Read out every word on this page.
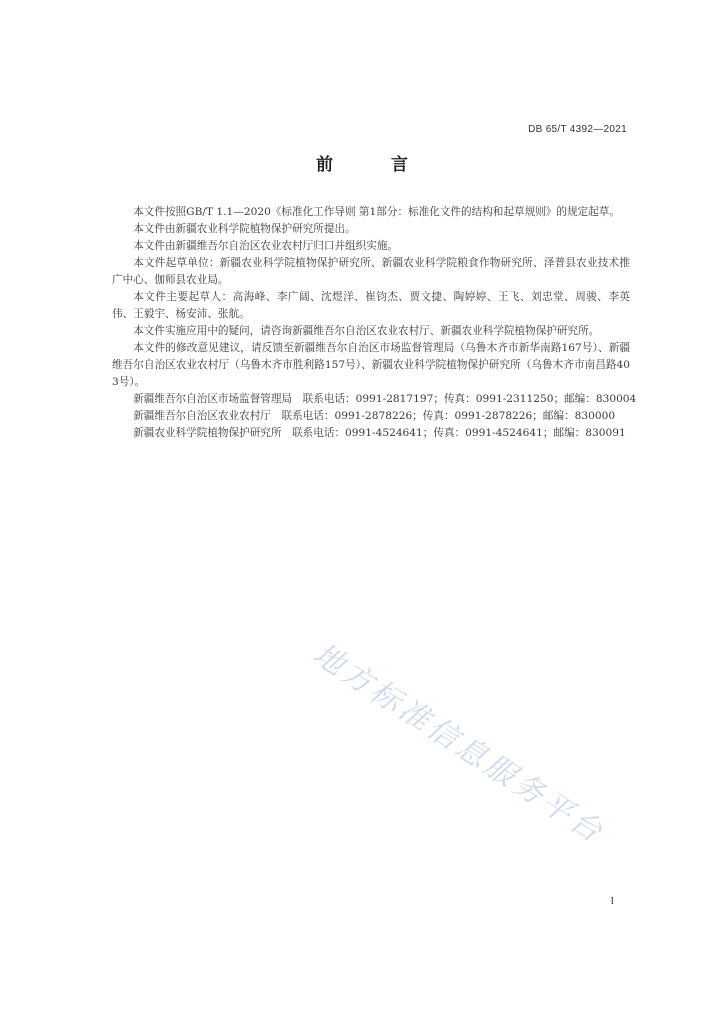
DB 65/T 4392—2021
前 言

本文件按照GB/T 1.1—2020《标准化工作导则 第1部分：标准化文件的结构和起草规则》的规定起草。

本文件由新疆农业科学院植物保护研究所提出。

本文件由新疆维吾尔自治区农业农村厅归口并组织实施。

本文件起草单位：新疆农业科学院植物保护研究所、新疆农业科学院粮食作物研究所、泽普县农业技术推广中心、伽师县农业局。

本文件主要起草人：高海峰、李广阔、沈煜洋、崔钧杰、贾文捷、陶婷婷、王飞、刘忠堂、周骏、李英伟、王毅宇、杨安沛、张航。

本文件实施应用中的疑问，请咨询新疆维吾尔自治区农业农村厅、新疆农业科学院植物保护研究所。

本文件的修改意见建议，请反馈至新疆维吾尔自治区市场监督管理局（乌鲁木齐市新华南路167号）、新疆维吾尔自治区农业农村厅（乌鲁木齐市胜利路157号）、新疆农业科学院植物保护研究所（乌鲁木齐市南昌路403号）。

新疆维吾尔自治区市场监督管理局　联系电话：0991-2817197；传真：0991-2311250；邮编：830004
新疆维吾尔自治区农业农村厅　联系电话：0991-2878226；传真：0991-2878226；邮编：830000
新疆农业科学院植物保护研究所　联系电话：0991-4524641；传真：0991-4524641；邮编：830091
地方标准信息服务平台
I
